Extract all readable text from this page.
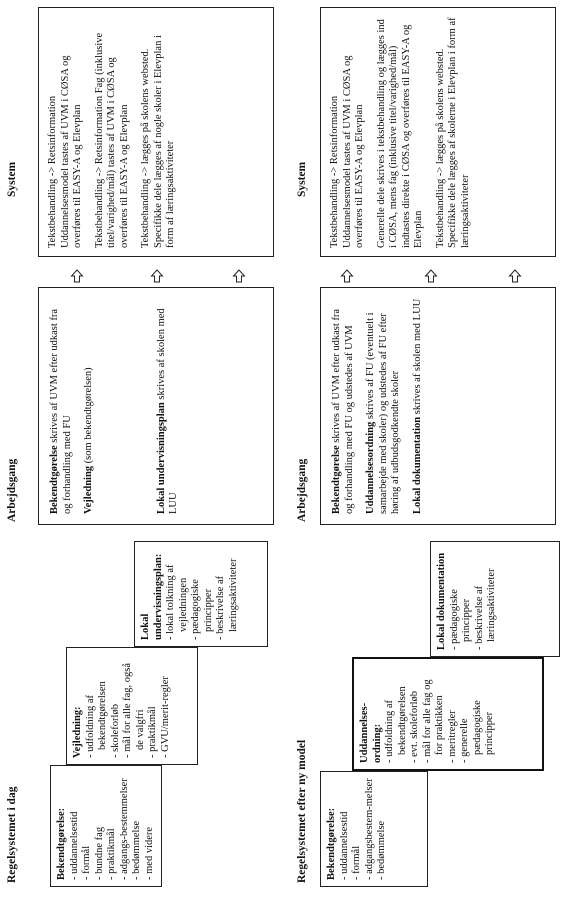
Regelsystemet i dag
Arbejdsgang
System
Bekendtgørelse: - uddannelsestid - formål - bundne fag - praktikmål - adgangs-bestemmelser - bedømmelse - med videre
Vejledning: - udfoldning af bekendtgørelsen - skoleforløb - mål for alle fag, også de valgfri - praktikmål - GVU/merit-regler
Lokal undervisningsplan: - lokal tolkning af vejledningen - pædagogiske principper - beskrivelse af læringsaktiviteter

Bekendtgørelse skrives af UVM efter udkast fra og forhandling med FU Vejledning (som bekendtgørelsen)	Lokal undervisningsplan skrives af skolen med LUU

Tekstbehandling -> Retsinformation Uddannelsesmodel tastes af UVM i CØSA og overføres til EASY-A og Elevplan Tekstbehandling -> Retsinformation Fag (inklusive titel/varighed/mål) tastes af UVM i CØSA og overføres til EASY-A og Elevplan Tekstbehandling -> lægges på skolens websted. Specifikke dele lægges af nogle skoler i Elevplan i form af læringsaktiviteter

Regelsystemet efter ny model
Arbejdsgang
System
Bekendtgørelse: - uddannelsestid - formål - adgangsbestem-melser - bedømmelse
Uddannelses-ordning: - udfoldning af bekendtgørelsen - evt. skoleforløb - mål for alle fag og for praktikken - meritregler - generelle pædagogiske principper
Lokal dokumentation - pædagogiske principper - beskrivelse af læringsaktiviteter

Bekendtgørelse skrives af UVM efter udkast fra og forhandling med FU og udstedes af UVM Uddannelsesordning skrives af FU (eventuelt i samarbejde med skoler) og udstedes af FU efter høring af udbudsgodkendte skoler Lokal dokumentation skrives af skolen med LUU

Tekstbehandling -> Retsinformation Uddannelsesmodel tastes af UVM i CØSA og overføres til EASY-A og Elevplan Generelle dele skrives i tekstbehandling og lægges ind i CØSA, mens fag (inklusive titel/varighed/mål) indtastes direkte i CØSA og overføres til EASY-A og Elevplan Tekstbehandling -> lægges på skolens websted. Specifikke dele lægges af skolerne i Elevplan i form af læringsaktiviteter
